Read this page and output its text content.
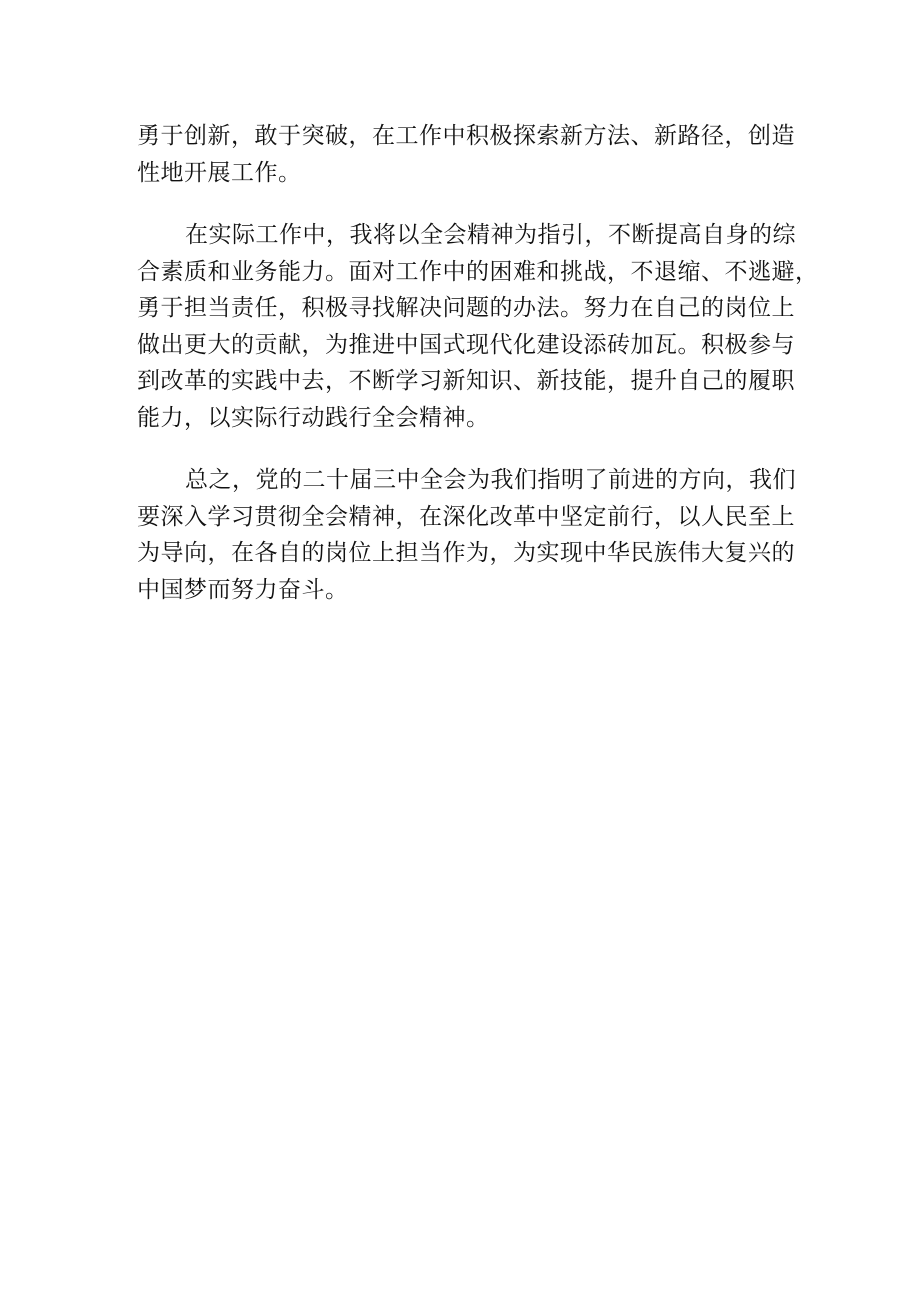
勇于创新，敢于突破，在工作中积极探索新方法、新路径，创造
性地开展工作。

在实际工作中，我将以全会精神为指引，不断提高自身的综
合素质和业务能力。面对工作中的困难和挑战，不退缩、不逃避，
勇于担当责任，积极寻找解决问题的办法。努力在自己的岗位上
做出更大的贡献，为推进中国式现代化建设添砖加瓦。积极参与
到改革的实践中去，不断学习新知识、新技能，提升自己的履职
能力，以实际行动践行全会精神。

总之，党的二十届三中全会为我们指明了前进的方向，我们
要深入学习贯彻全会精神，在深化改革中坚定前行，以人民至上
为导向，在各自的岗位上担当作为，为实现中华民族伟大复兴的
中国梦而努力奋斗。
